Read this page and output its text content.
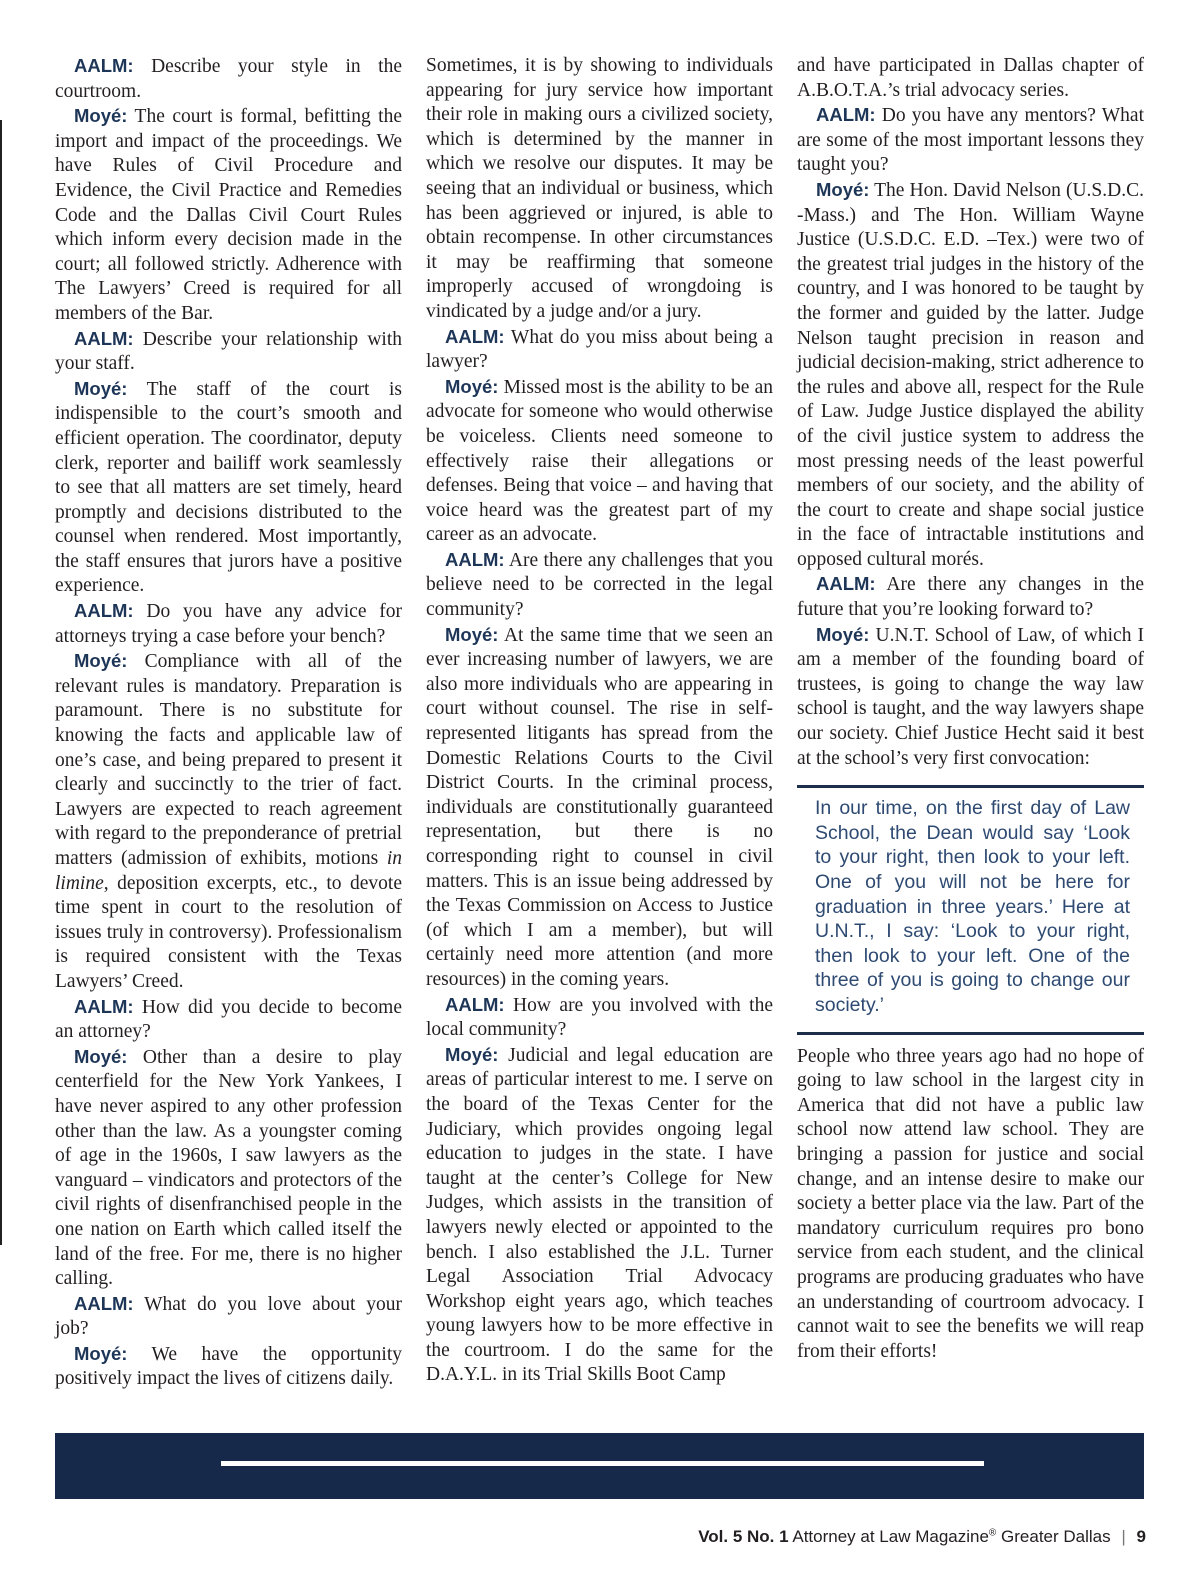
AALM: Describe your style in the courtroom.

Moyé: The court is formal, befitting the import and impact of the proceedings. We have Rules of Civil Procedure and Evidence, the Civil Practice and Remedies Code and the Dallas Civil Court Rules which inform every decision made in the court; all followed strictly. Adherence with The Lawyers’ Creed is required for all members of the Bar.

AALM: Describe your relationship with your staff.

Moyé: The staff of the court is indispensible to the court’s smooth and efficient operation. The coordinator, deputy clerk, reporter and bailiff work seamlessly to see that all matters are set timely, heard promptly and decisions distributed to the counsel when rendered. Most importantly, the staff ensures that jurors have a positive experience.

AALM: Do you have any advice for attorneys trying a case before your bench?

Moyé: Compliance with all of the relevant rules is mandatory. Preparation is paramount. There is no substitute for knowing the facts and applicable law of one’s case, and being prepared to present it clearly and succinctly to the trier of fact. Lawyers are expected to reach agreement with regard to the preponderance of pretrial matters (admission of exhibits, motions in limine, deposition excerpts, etc., to devote time spent in court to the resolution of issues truly in controversy). Professionalism is required consistent with the Texas Lawyers’ Creed.

AALM: How did you decide to become an attorney?

Moyé: Other than a desire to play centerfield for the New York Yankees, I have never aspired to any other profession other than the law. As a youngster coming of age in the 1960s, I saw lawyers as the vanguard – vindicators and protectors of the civil rights of disenfranchised people in the one nation on Earth which called itself the land of the free. For me, there is no higher calling.

AALM: What do you love about your job?

Moyé: We have the opportunity positively impact the lives of citizens daily.

Sometimes, it is by showing to individuals appearing for jury service how important their role in making ours a civilized society, which is determined by the manner in which we resolve our disputes. It may be seeing that an individual or business, which has been aggrieved or injured, is able to obtain recompense. In other circumstances it may be reaffirming that someone improperly accused of wrongdoing is vindicated by a judge and/or a jury.

AALM: What do you miss about being a lawyer?

Moyé: Missed most is the ability to be an advocate for someone who would otherwise be voiceless. Clients need someone to effectively raise their allegations or defenses. Being that voice – and having that voice heard was the greatest part of my career as an advocate.

AALM: Are there any challenges that you believe need to be corrected in the legal community?

Moyé: At the same time that we seen an ever increasing number of lawyers, we are also more individuals who are appearing in court without counsel. The rise in self-represented litigants has spread from the Domestic Relations Courts to the Civil District Courts. In the criminal process, individuals are constitutionally guaranteed representation, but there is no corresponding right to counsel in civil matters. This is an issue being addressed by the Texas Commission on Access to Justice (of which I am a member), but will certainly need more attention (and more resources) in the coming years.

AALM: How are you involved with the local community?

Moyé: Judicial and legal education are areas of particular interest to me. I serve on the board of the Texas Center for the Judiciary, which provides ongoing legal education to judges in the state. I have taught at the center’s College for New Judges, which assists in the transition of lawyers newly elected or appointed to the bench. I also established the J.L. Turner Legal Association Trial Advocacy Workshop eight years ago, which teaches young lawyers how to be more effective in the courtroom. I do the same for the D.A.Y.L. in its Trial Skills Boot Camp

and have participated in Dallas chapter of A.B.O.T.A.’s trial advocacy series.

AALM: Do you have any mentors? What are some of the most important lessons they taught you?

Moyé: The Hon. David Nelson (U.S.D.C. -Mass.) and The Hon. William Wayne Justice (U.S.D.C. E.D. –Tex.) were two of the greatest trial judges in the history of the country, and I was honored to be taught by the former and guided by the latter. Judge Nelson taught precision in reason and judicial decision-making, strict adherence to the rules and above all, respect for the Rule of Law. Judge Justice displayed the ability of the civil justice system to address the most pressing needs of the least powerful members of our society, and the ability of the court to create and shape social justice in the face of intractable institutions and opposed cultural morés.

AALM: Are there any changes in the future that you’re looking forward to?

Moyé: U.N.T. School of Law, of which I am a member of the founding board of trustees, is going to change the way law school is taught, and the way lawyers shape our society. Chief Justice Hecht said it best at the school’s very first convocation:

In our time, on the first day of Law School, the Dean would say ‘Look to your right, then look to your left. One of you will not be here for graduation in three years.’ Here at U.N.T., I say: ‘Look to your right, then look to your left. One of the three of you is going to change our society.’

People who three years ago had no hope of going to law school in the largest city in America that did not have a public law school now attend law school. They are bringing a passion for justice and social change, and an intense desire to make our society a better place via the law. Part of the mandatory curriculum requires pro bono service from each student, and the clinical programs are producing graduates who have an understanding of courtroom advocacy. I cannot wait to see the benefits we will reap from their efforts!

Vol. 5 No. 1 Attorney at Law Magazine® Greater Dallas | 9
